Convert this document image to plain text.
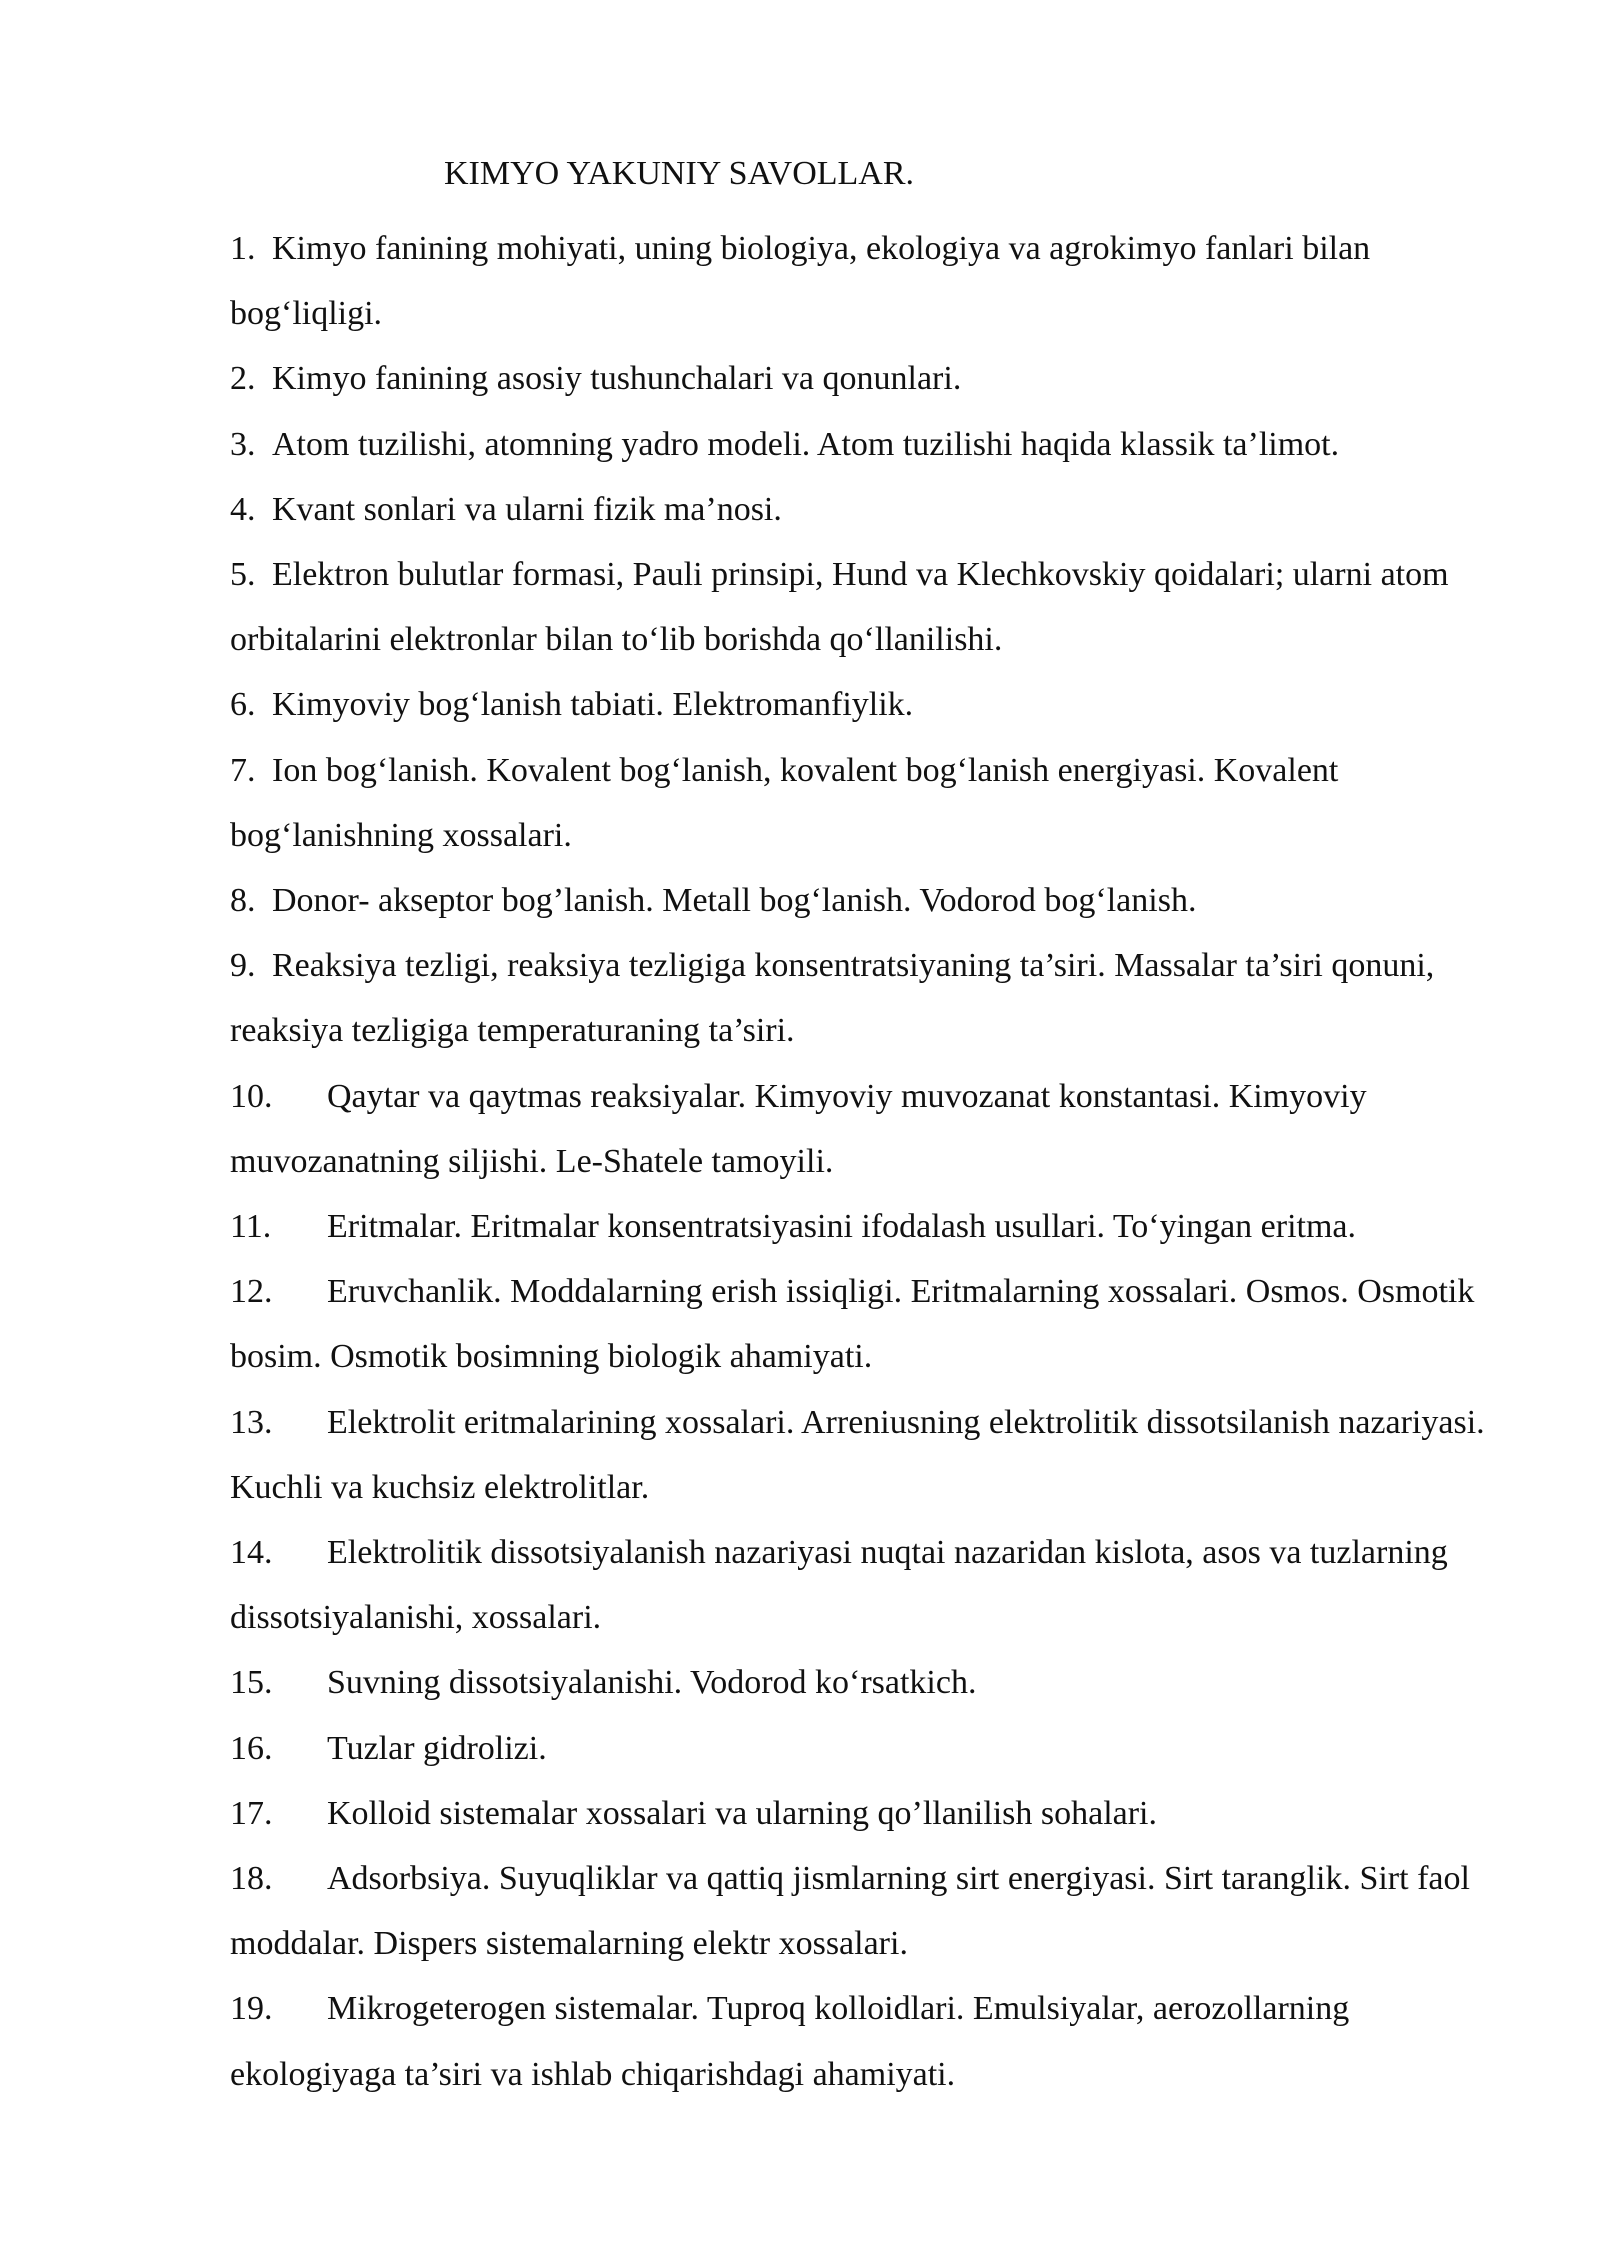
KIMYO YAKUNIY SAVOLLAR.
1. Kimyo fanining mohiyati, uning biologiya, ekologiya va agrokimyo fanlari bilan bog‘liqligi.
2. Kimyo fanining asosiy tushunchalari va qonunlari.
3. Atom tuzilishi, atomning yadro modeli. Atom tuzilishi haqida klassik ta’limot.
4. Kvant sonlari va ularni fizik ma’nosi.
5. Elektron bulutlar formasi, Pauli prinsipi, Hund va Klechkovskiy qoidalari; ularni atom orbitalarini elektronlar bilan to‘lib borishda qo‘llanilishi.
6. Kimyoviy bog‘lanish tabiati. Elektromanfiylik.
7. Ion bog‘lanish. Kovalent bog‘lanish, kovalent bog‘lanish energiyasi. Kovalent bog‘lanishning xossalari.
8. Donor- akseptor bog’lanish. Metall bog‘lanish. Vodorod bog‘lanish.
9. Reaksiya tezligi, reaksiya tezligiga konsentratsiyaning ta’siri. Massalar ta’siri qonuni, reaksiya tezligiga temperaturaning ta’siri.
10. Qaytar va qaytmas reaksiyalar. Kimyoviy muvozanat konstantasi. Kimyoviy muvozanatning siljishi. Le-Shatele tamoyili.
11. Eritmalar. Eritmalar konsentratsiyasini ifodalash usullari. To‘yingan eritma.
12. Eruvchanlik. Moddalarning erish issiqligi. Eritmalarning xossalari. Osmos. Osmotik bosim. Osmotik bosimning biologik ahamiyati.
13. Elektrolit eritmalarining xossalari. Arreniusning elektrolitik dissotsilanish nazariyasi. Kuchli va kuchsiz elektrolitlar.
14. Elektrolitik dissotsiyalanish nazariyasi nuqtai nazaridan kislota, asos va tuzlarning dissotsiyalanishi, xossalari.
15. Suvning dissotsiyalanishi. Vodorod ko‘rsatkich.
16. Tuzlar gidrolizi.
17. Kolloid sistemalar xossalari va ularning qo’llanilish sohalari.
18. Adsorbsiya. Suyuqliklar va qattiq jismlarning sirt energiyasi. Sirt taranglik. Sirt faol moddalar. Dispers sistemalarning elektr xossalari.
19. Mikrogeterogen sistemalar. Tuproq kolloidlari. Emulsiyalar, aerozollarning ekologiyaga ta’siri va ishlab chiqarishdagi ahamiyati.
